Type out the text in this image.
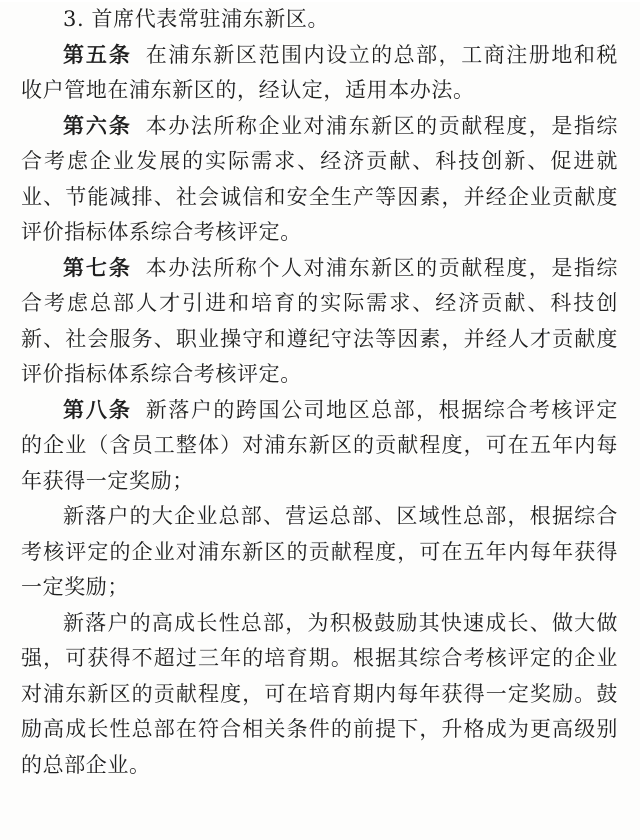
3. 首席代表常驻浦东新区。

第五条 在浦东新区范围内设立的总部，工商注册地和税收户管地在浦东新区的，经认定，适用本办法。

第六条 本办法所称企业对浦东新区的贡献程度，是指综合考虑企业发展的实际需求、经济贡献、科技创新、促进就业、节能减排、社会诚信和安全生产等因素，并经企业贡献度评价指标体系综合考核评定。

第七条 本办法所称个人对浦东新区的贡献程度，是指综合考虑总部人才引进和培育的实际需求、经济贡献、科技创新、社会服务、职业操守和遵纪守法等因素，并经人才贡献度评价指标体系综合考核评定。

第八条 新落户的跨国公司地区总部，根据综合考核评定的企业（含员工整体）对浦东新区的贡献程度，可在五年内每年获得一定奖励；

新落户的大企业总部、营运总部、区域性总部，根据综合考核评定的企业对浦东新区的贡献程度，可在五年内每年获得一定奖励；

新落户的高成长性总部，为积极鼓励其快速成长、做大做强，可获得不超过三年的培育期。根据其综合考核评定的企业对浦东新区的贡献程度，可在培育期内每年获得一定奖励。鼓励高成长性总部在符合相关条件的前提下，升格成为更高级别的总部企业。
